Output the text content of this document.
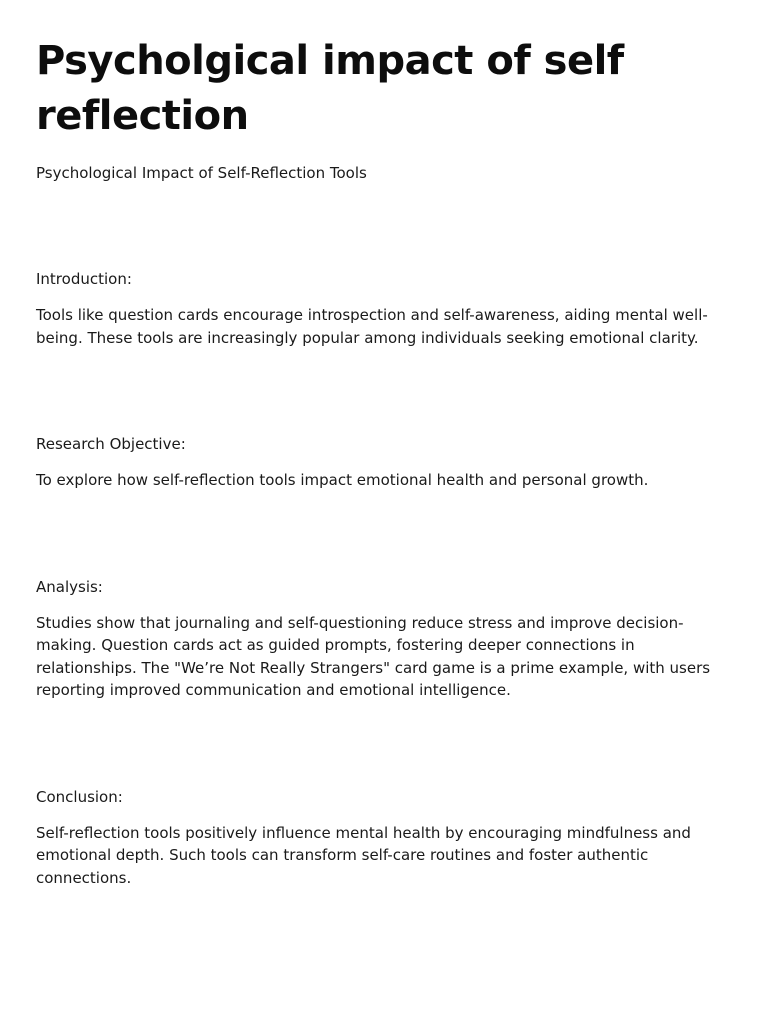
Psycholgical impact of self reflection

Psychological Impact of Self-Reflection Tools

Introduction:

Tools like question cards encourage introspection and self-awareness, aiding mental well-being. These tools are increasingly popular among individuals seeking emotional clarity.

Research Objective:

To explore how self-reflection tools impact emotional health and personal growth.

Analysis:

Studies show that journaling and self-questioning reduce stress and improve decision-making. Question cards act as guided prompts, fostering deeper connections in relationships. The "We’re Not Really Strangers" card game is a prime example, with users reporting improved communication and emotional intelligence.

Conclusion:

Self-reflection tools positively influence mental health by encouraging mindfulness and emotional depth. Such tools can transform self-care routines and foster authentic connections.
